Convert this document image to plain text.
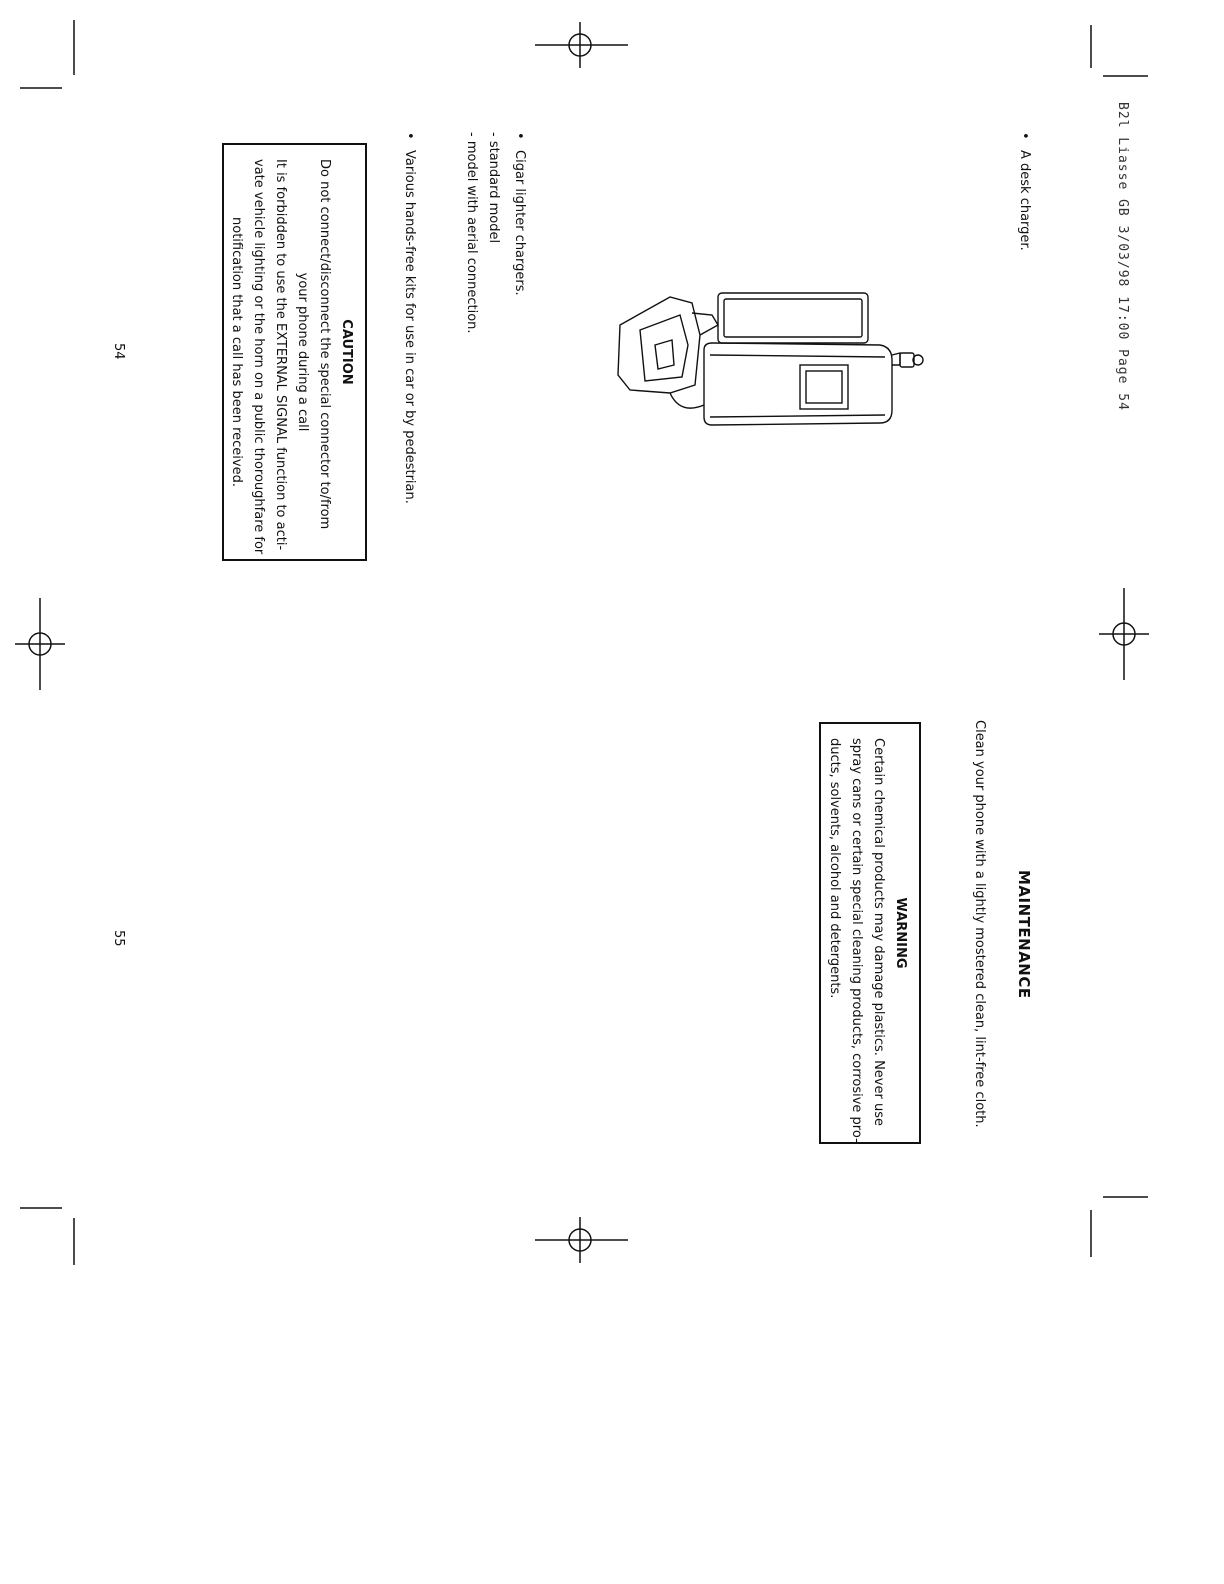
B2l Liasse GB 3/03/98 17:00 Page 54
•A desk charger.
•Cigar lighter chargers.
- standard model
- model with aerial connection.
•Various hands-free kits for use in car or by pedestrian.
CAUTION
Do not connect/disconnect the special connector to/from
your phone during a call
It is forbidden to use the EXTERNAL SIGNAL function to acti-
vate vehicle lighting or the horn on a public thoroughfare for
notification that a call has been received.
54
MAINTENANCE
Clean your phone with a lightly mostered clean, lint-free cloth.
WARNING
Certain chemical products may damage plastics. Never use
spray cans or certain special cleaning products, corrosive pro-
ducts, solvents, alcohol and detergents.
55
